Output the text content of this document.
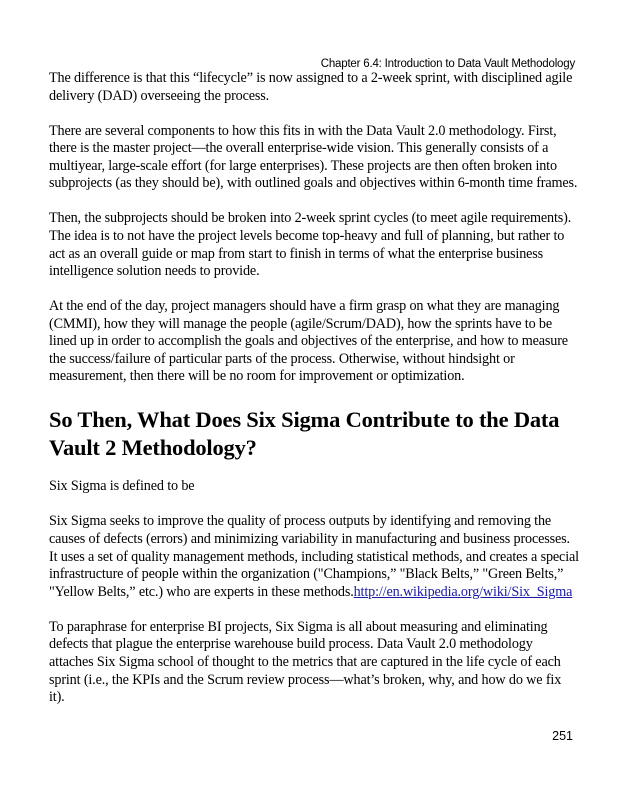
Chapter 6.4: Introduction to Data Vault Methodology

The difference is that this “lifecycle” is now assigned to a 2-week sprint, with disciplined agile delivery (DAD) overseeing the process.

There are several components to how this fits in with the Data Vault 2.0 methodology. First, there is the master project—the overall enterprise-wide vision. This generally consists of a multiyear, large-scale effort (for large enterprises). These projects are then often broken into subprojects (as they should be), with outlined goals and objectives within 6-month time frames.

Then, the subprojects should be broken into 2-week sprint cycles (to meet agile requirements). The idea is to not have the project levels become top-heavy and full of planning, but rather to act as an overall guide or map from start to finish in terms of what the enterprise business intelligence solution needs to provide.

At the end of the day, project managers should have a firm grasp on what they are managing (CMMI), how they will manage the people (agile/Scrum/DAD), how the sprints have to be lined up in order to accomplish the goals and objectives of the enterprise, and how to measure the success/failure of particular parts of the process. Otherwise, without hindsight or measurement, then there will be no room for improvement or optimization.

So Then, What Does Six Sigma Contribute to the Data Vault 2 Methodology?

Six Sigma is defined to be

Six Sigma seeks to improve the quality of process outputs by identifying and removing the causes of defects (errors) and minimizing variability in manufacturing and business processes. It uses a set of quality management methods, including statistical methods, and creates a special infrastructure of people within the organization ("Champions,” "Black Belts,” "Green Belts,” "Yellow Belts,” etc.) who are experts in these methods.http://en.wikipedia.org/wiki/Six_Sigma

To paraphrase for enterprise BI projects, Six Sigma is all about measuring and eliminating defects that plague the enterprise warehouse build process. Data Vault 2.0 methodology attaches Six Sigma school of thought to the metrics that are captured in the life cycle of each sprint (i.e., the KPIs and the Scrum review process—what’s broken, why, and how do we fix it).

251
